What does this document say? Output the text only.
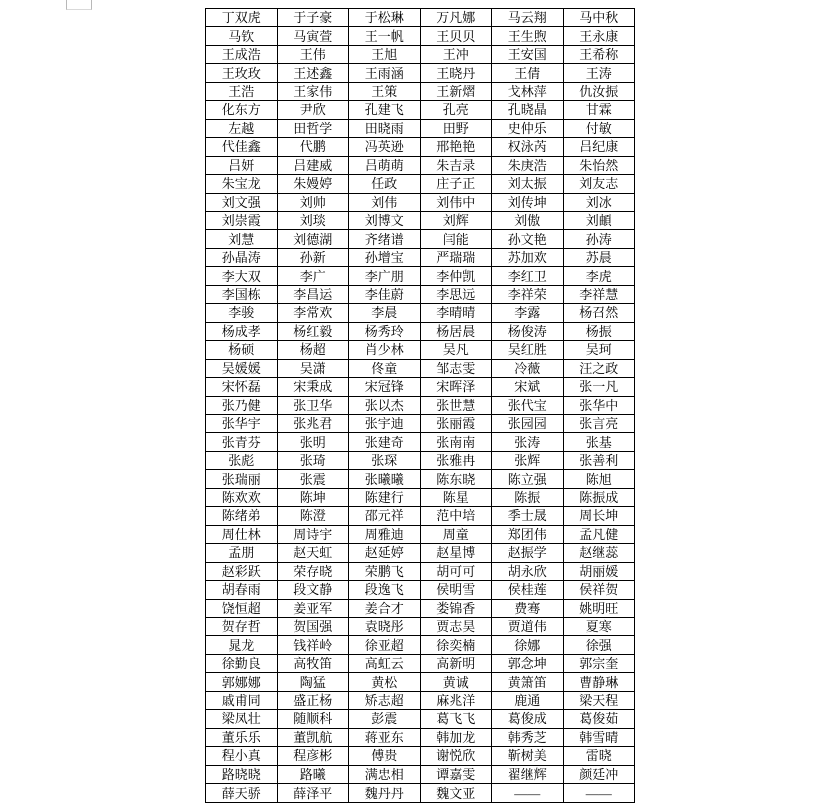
丁双虎	于子豪	于松琳	万凡娜	马云翔	马中秋
马钦	马寅萱	王一帆	王贝贝	王生煦	王永康
王成浩	王伟	王旭	王冲	王安国	王希称
王玫玫	王述鑫	王雨涵	王晓丹	王倩	王涛
王浩	王家伟	王策	王新熠	戈林萍	仇汝振
化东方	尹欣	孔建飞	孔亮	孔晓晶	甘霖
左越	田哲学	田晓雨	田野	史仲乐	付敏
代佳鑫	代鹏	冯英逊	邢艳艳	权泳芮	吕纪康
吕妍	吕建威	吕萌萌	朱吉录	朱庚浩	朱怡然
朱宝龙	朱嫚婷	任政	庄子正	刘太振	刘友志
刘文强	刘帅	刘伟	刘伟中	刘传坤	刘冰
刘崇霞	刘琰	刘博文	刘辉	刘傲	刘頔
刘慧	刘德湖	齐绪谱	闫能	孙文艳	孙涛
孙晶涛	孙新	孙增宝	严瑞瑞	苏加欢	苏晨
李大双	李广	李广朋	李仲凯	李红卫	李虎
李国栋	李昌运	李佳蔚	李思远	李祥荣	李祥慧
李骏	李常欢	李晨	李晴晴	李露	杨召然
杨成孝	杨红毅	杨秀玲	杨居晨	杨俊涛	杨振
杨硕	杨超	肖少林	吴凡	吴红胜	吴珂
吴媛媛	吴潇	佟童	邹志雯	冷薇	汪之政
宋怀磊	宋秉成	宋冠锋	宋晖泽	宋斌	张一凡
张乃健	张卫华	张以杰	张世慧	张代宝	张华中
张华宇	张兆君	张宇迪	张丽霞	张园园	张言亮
张青芬	张明	张建奇	张南南	张涛	张基
张彪	张琦	张琛	张雅冉	张辉	张善利
张瑞丽	张震	张曦曦	陈东晓	陈立强	陈旭
陈欢欢	陈坤	陈建行	陈星	陈振	陈振成
陈绪弟	陈澄	邵元祥	范中培	季士晟	周长坤
周仕林	周诗宇	周雅迪	周童	郑团伟	孟凡健
孟朋	赵天虹	赵延婷	赵星博	赵振学	赵继蕊
赵彩跃	荣存晓	荣鹏飞	胡可可	胡永欣	胡丽媛
胡春雨	段文静	段逸飞	侯明雪	侯桂莲	侯祥贺
饶恒超	姜亚军	姜合才	娄锦香	费骞	姚明旺
贺存哲	贺国强	袁晓彤	贾志昊	贾道伟	夏寒
晁龙	钱祥岭	徐亚超	徐奕楠	徐娜	徐强
徐勤良	高牧笛	高虹云	高新明	郭念坤	郭宗奎
郭娜娜	陶猛	黄松	黄诚	黄箫笛	曹静琳
戚甫同	盛正杨	矫志超	麻兆洋	鹿通	梁天程
梁凤壮	随顺科	彭震	葛飞飞	葛俊成	葛俊茹
董乐乐	董凯航	蒋亚东	韩加龙	韩秀芝	韩雪晴
程小真	程彦彬	傅贵	谢悦欣	靳树美	雷晓
路晓晓	路曦	满忠相	谭嘉雯	翟继辉	颜廷冲
薛天骄	薛泽平	魏丹丹	魏文亚	——	——
